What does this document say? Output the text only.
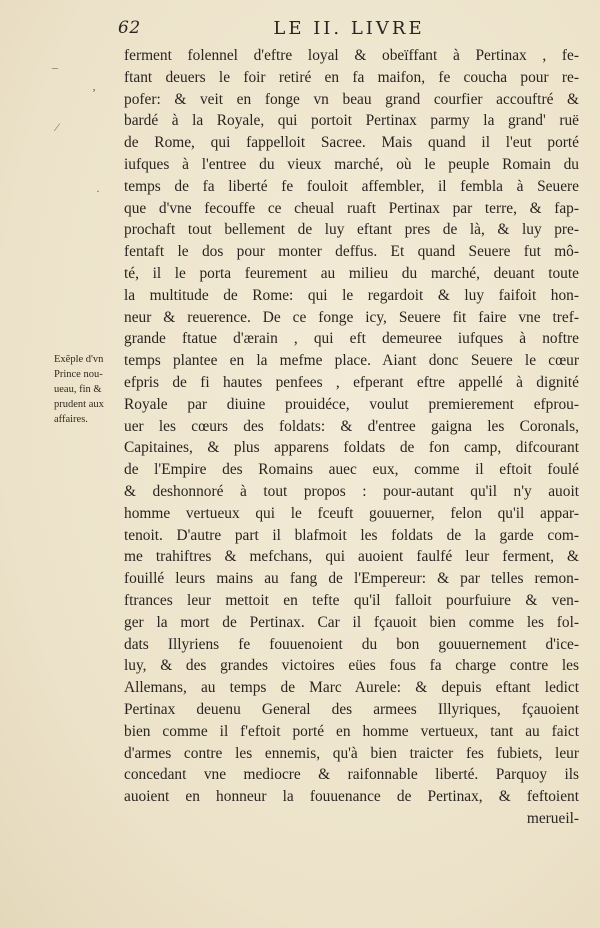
62	LE II. LIVRE
–
ʼ
⁄
·
Exẽple d'vn
Prince nou-
ueau, fin &
prudent aux
affaires.
ferment folennel d'eftre loyal & obeïffant à Pertinax , fe-
ftant deuers le foir retiré en fa maifon, fe coucha pour re-
pofer: & veit en fonge vn beau grand courfier accouftré &
bardé à la Royale, qui portoit Pertinax parmy la grand' ruë
de Rome, qui fappelloit Sacree. Mais quand il l'eut porté
iufques à l'entree du vieux marché, où le peuple Romain du
temps de fa liberté fe fouloit affembler, il fembla à Seuere
que d'vne fecouffe ce cheual ruaft Pertinax par terre, & fap-
prochaft tout bellement de luy eftant pres de là, & luy pre-
fentaft le dos pour monter deffus. Et quand Seuere fut mô-
té, il le porta feurement au milieu du marché, deuant toute
la multitude de Rome: qui le regardoit & luy faifoit hon-
neur & reuerence. De ce fonge icy, Seuere fit faire vne tref-
grande ftatue d'ærain , qui eft demeuree iufques à noftre
temps plantee en la mefme place. Aiant donc Seuere le cœur
efpris de fi hautes penfees , efperant eftre appellé à dignité
Royale par diuine prouidéce, voulut premierement efprou-
uer les cœurs des foldats: & d'entree gaigna les Coronals,
Capitaines, & plus apparens foldats de fon camp, difcourant
de l'Empire des Romains auec eux, comme il eftoit foulé
& deshonnoré à tout propos : pour-autant qu'il n'y auoit
homme vertueux qui le fceuft gouuerner, felon qu'il appar-
tenoit. D'autre part il blafmoit les foldats de la garde com-
me trahiftres & mefchans, qui auoient faulfé leur ferment, &
fouillé leurs mains au fang de l'Empereur: & par telles remon-
ftrances leur mettoit en tefte qu'il falloit pourfuiure & ven-
ger la mort de Pertinax. Car il fçauoit bien comme les fol-
dats Illyriens fe fouuenoient du bon gouuernement d'ice-
luy, & des grandes victoires eües fous fa charge contre les
Allemans, au temps de Marc Aurele: & depuis eftant ledict
Pertinax deuenu General des armees Illyriques, fçauoient
bien comme il f'eftoit porté en homme vertueux, tant au faict
d'armes contre les ennemis, qu'à bien traicter fes fubiets, leur
concedant vne mediocre & raifonnable liberté. Parquoy ils
auoient en honneur la fouuenance de Pertinax, & feftoient
merueil-
